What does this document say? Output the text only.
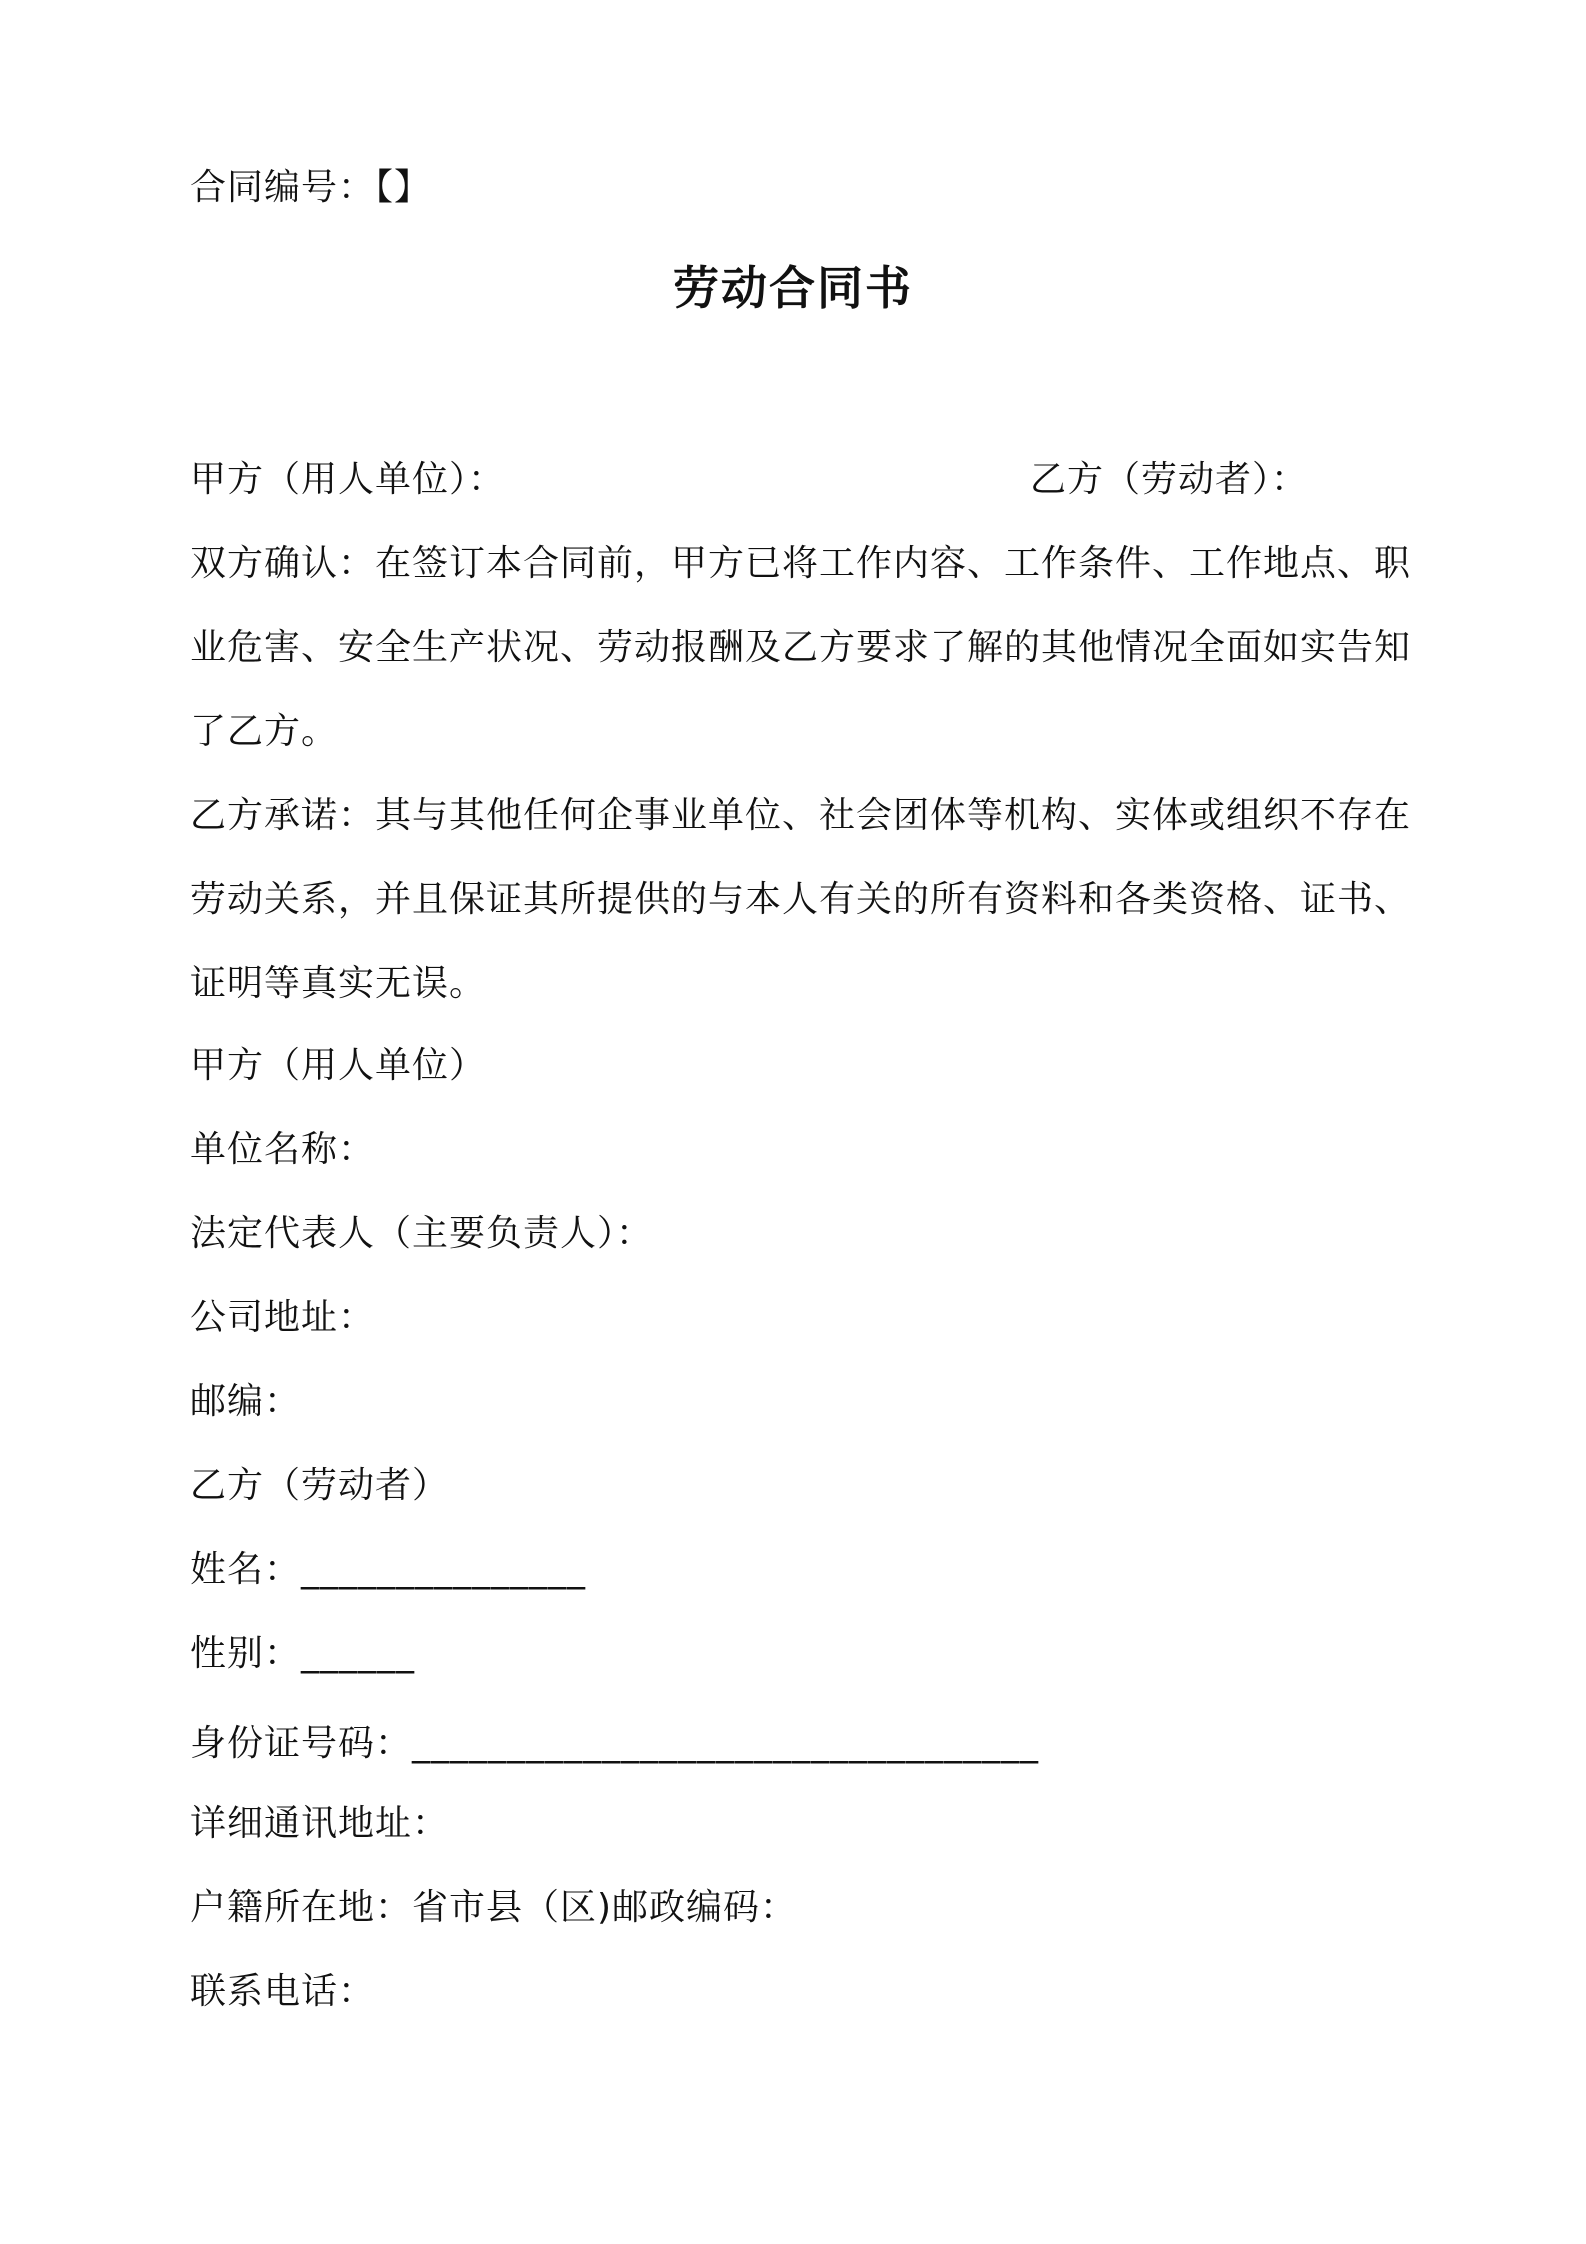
合同编号：【】
劳动合同书
甲方（用人单位）：	乙方（劳动者）：
双方确认：在签订本合同前，甲方已将工作内容、工作条件、工作地点、职
业危害、安全生产状况、劳动报酬及乙方要求了解的其他情况全面如实告知
了乙方。
乙方承诺：其与其他任何企事业单位、社会团体等机构、实体或组织不存在
劳动关系，并且保证其所提供的与本人有关的所有资料和各类资格、证书、
证明等真实无误。
甲方（用人单位）
单位名称：
法定代表人（主要负责人）：
公司地址：
邮编：
乙方（劳动者）
姓名：_______________
性别：______
身份证号码：_________________________________
详细通讯地址：
户籍所在地：省市县（区)邮政编码：
联系电话：
